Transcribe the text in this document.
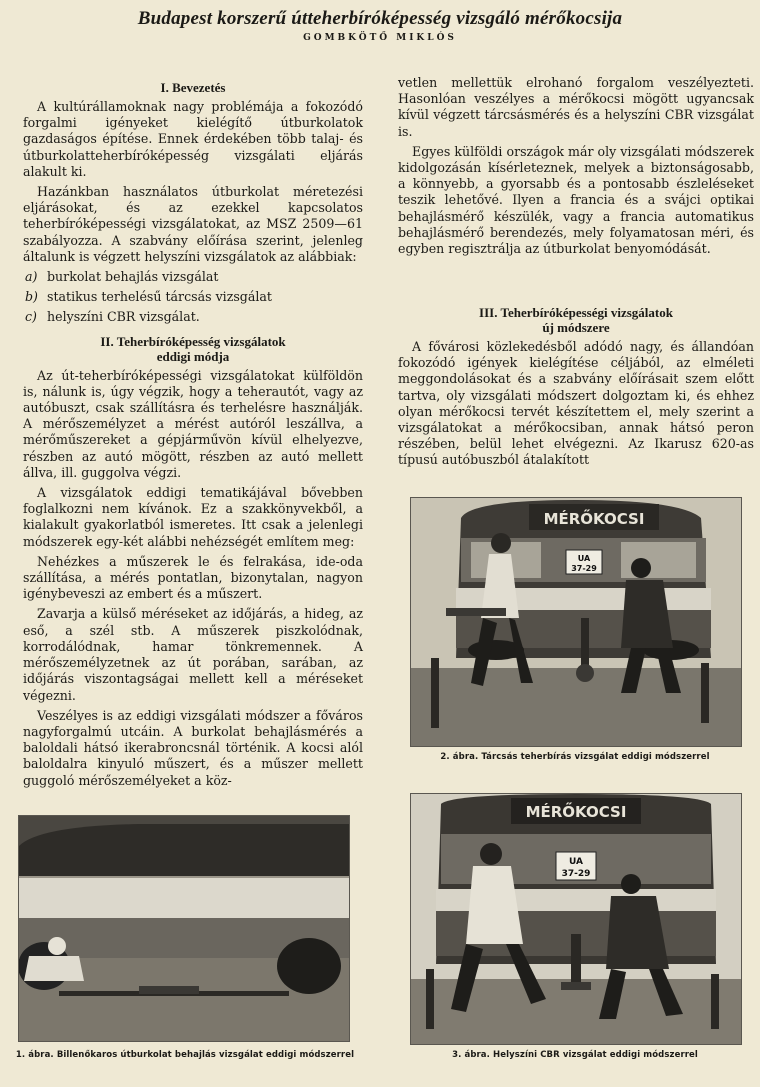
Budapest korszerű útteherbíróképesség vizsgáló mérőkocsija
GOMBKÖTŐ MIKLÓS
I. Bevezetés

A kultúrállamoknak nagy problémája a fokozódó forgalmi igényeket kielégítő útburkolatok gazdaságos építése. Ennek érdekében több talaj- és útburkolatteherbíróképesség vizsgálati eljárás alakult ki.

Hazánkban használatos útburkolat méretezési eljárásokat, és az ezekkel kapcsolatos teherbíróképességi vizsgálatokat, az MSZ 2509—61 szabályozza. A szabvány előírása szerint, jelenleg általunk is végzett helyszíni vizsgálatok az alábbiak:

a) burkolat behajlás vizsgálat
b) statikus terhelésű tárcsás vizsgálat
c) helyszíni CBR vizsgálat.
II. Teherbíróképesség vizsgálatok
eddigi módja

Az út-teherbíróképességi vizsgálatokat külföldön is, nálunk is, úgy végzik, hogy a teherautót, vagy az autóbuszt, csak szállításra és terhelésre használják. A mérőszemélyzet a mérést autóról leszállva, a mérőműszereket a gépjárművön kívül elhelyezve, részben az autó mögött, részben az autó mellett állva, ill. guggolva végzi.

A vizsgálatok eddigi tematikájával bővebben foglalkozni nem kívánok. Ez a szakkönyvekből, a kialakult gyakorlatból ismeretes. Itt csak a jelenlegi módszerek egy-két alábbi nehézségét említem meg:

Nehézkes a műszerek le és felrakása, ide-oda szállítása, a mérés pontatlan, bizonytalan, nagyon igénybeveszi az embert és a műszert.

Zavarja a külső méréseket az időjárás, a hideg, az eső, a szél stb. A műszerek piszkolódnak, korrodálódnak, hamar tönkremennek. A mérőszemélyzetnek az út porában, sarában, az időjárás viszontagságai mellett kell a méréseket végezni.

Veszélyes is az eddigi vizsgálati módszer a főváros nagyforgalmú utcáin. A burkolat behajlásmérés a baloldali hátsó ikerabroncsnál történik. A kocsi alól baloldalra kinyuló műszert, és a műszer mellett guggoló mérőszemélyeket a köz-

vetlen mellettük elrohanó forgalom veszélyezteti. Hasonlóan veszélyes a mérőkocsi mögött ugyancsak kívül végzett tárcsásmérés és a helyszíni CBR vizsgálat is.

Egyes külföldi országok már oly vizsgálati módszerek kidolgozásán kísérleteznek, melyek a biztonságosabb, a könnyebb, a gyorsabb és a pontosabb észleléseket teszik lehetővé. Ilyen a francia és a svájci optikai behajlásmérő készülék, vagy a francia automatikus behajlásmérő berendezés, mely folyamatosan méri, és egyben regisztrálja az útburkolat benyomódását.

III. Teherbíróképességi vizsgálatok
új módszere

A fővárosi közlekedésből adódó nagy, és állandóan fokozódó igények kielégítése céljából, az elméleti meggondolásokat és a szabvány előírásait szem előtt tartva, oly vizsgálati módszert dolgoztam ki, és ehhez olyan mérőkocsi tervét készítettem el, mely szerint a vizsgálatokat a mérőkocsiban, annak hátsó peron részében, belül lehet elvégezni. Az Ikarusz 620-as típusú autóbuszból átalakított

MÉRŐKOCSI
UA
37-29
2. ábra. Tárcsás teherbírás vizsgálat eddigi módszerrel
MÉRŐKOCSI
UA
37-29
3. ábra. Helyszíni CBR vizsgálat eddigi módszerrel
1. ábra. Billenőkaros útburkolat behajlás vizsgálat eddigi módszerrel
